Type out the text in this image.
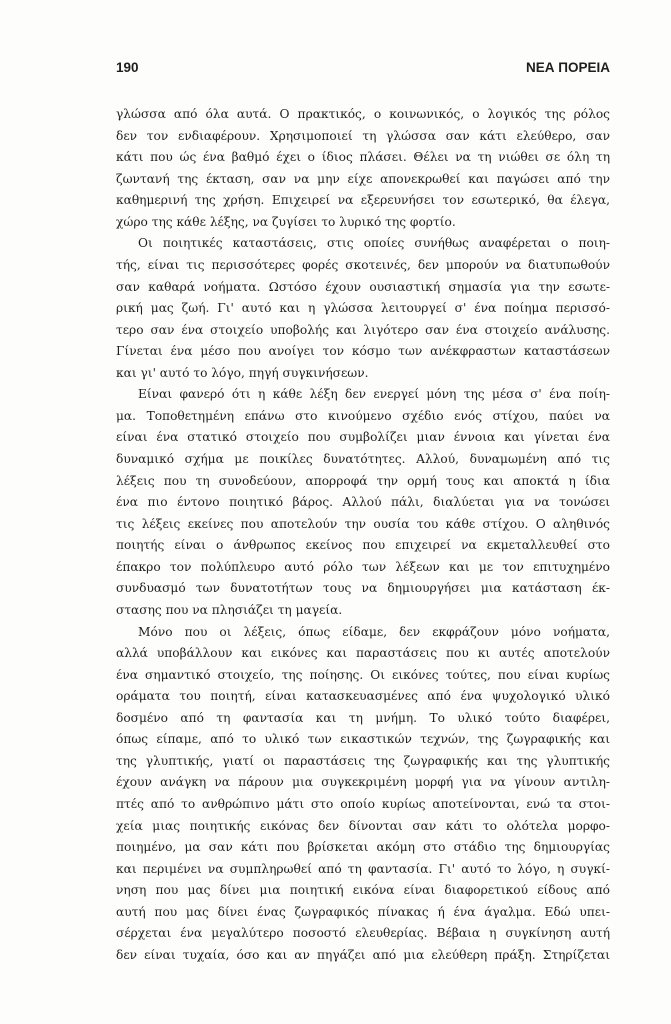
190	ΝΕΑ ΠΟΡΕΙΑ
γλώσσα από όλα αυτά. Ο πρακτικός, ο κοινωνικός, ο λογικός της ρόλος
δεν τον ενδιαφέρουν. Χρησιμοποιεί τη γλώσσα σαν κάτι ελεύθερο, σαν
κάτι που ώς ένα βαθμό έχει ο ίδιος πλάσει. Θέλει να τη νιώθει σε όλη τη
ζωντανή της έκταση, σαν να μην είχε απονεκρωθεί και παγώσει από την
καθημερινή της χρήση. Επιχειρεί να εξερευνήσει τον εσωτερικό, θα έλεγα,
χώρο της κάθε λέξης, να ζυγίσει το λυρικό της φορτίο.
Οι ποιητικές καταστάσεις, στις οποίες συνήθως αναφέρεται ο ποιη-
τής, είναι τις περισσότερες φορές σκοτεινές, δεν μπορούν να διατυπωθούν
σαν καθαρά νοήματα. Ωστόσο έχουν ουσιαστική σημασία για την εσωτε-
ρική μας ζωή. Γι' αυτό και η γλώσσα λειτουργεί σ' ένα ποίημα περισσό-
τερο σαν ένα στοιχείο υποβολής και λιγότερο σαν ένα στοιχείο ανάλυσης.
Γίνεται ένα μέσο που ανοίγει τον κόσμο των ανέκφραστων καταστάσεων
και γι' αυτό το λόγο, πηγή συγκινήσεων.
Είναι φανερό ότι η κάθε λέξη δεν ενεργεί μόνη της μέσα σ' ένα ποίη-
μα. Τοποθετημένη επάνω στο κινούμενο σχέδιο ενός στίχου, παύει να
είναι ένα στατικό στοιχείο που συμβολίζει μιαν έννοια και γίνεται ένα
δυναμικό σχήμα με ποικίλες δυνατότητες. Αλλού, δυναμωμένη από τις
λέξεις που τη συνοδεύουν, απορροφά την ορμή τους και αποκτά η ίδια
ένα πιο έντονο ποιητικό βάρος. Αλλού πάλι, διαλύεται για να τονώσει
τις λέξεις εκείνες που αποτελούν την ουσία του κάθε στίχου. Ο αληθινός
ποιητής είναι ο άνθρωπος εκείνος που επιχειρεί να εκμεταλλευθεί στο
έπακρο τον πολύπλευρο αυτό ρόλο των λέξεων και με τον επιτυχημένο
συνδυασμό των δυνατοτήτων τους να δημιουργήσει μια κατάσταση έκ-
στασης που να πλησιάζει τη μαγεία.
Μόνο που οι λέξεις, όπως είδαμε, δεν εκφράζουν μόνο νοήματα,
αλλά υποβάλλουν και εικόνες και παραστάσεις που κι αυτές αποτελούν
ένα σημαντικό στοιχείο, της ποίησης. Οι εικόνες τούτες, που είναι κυρίως
οράματα του ποιητή, είναι κατασκευασμένες από ένα ψυχολογικό υλικό
δοσμένο από τη φαντασία και τη μνήμη. Το υλικό τούτο διαφέρει,
όπως είπαμε, από το υλικό των εικαστικών τεχνών, της ζωγραφικής και
της γλυπτικής, γιατί οι παραστάσεις της ζωγραφικής και της γλυπτικής
έχουν ανάγκη να πάρουν μια συγκεκριμένη μορφή για να γίνουν αντιλη-
πτές από το ανθρώπινο μάτι στο οποίο κυρίως αποτείνονται, ενώ τα στοι-
χεία μιας ποιητικής εικόνας δεν δίνονται σαν κάτι το ολότελα μορφο-
ποιημένο, μα σαν κάτι που βρίσκεται ακόμη στο στάδιο της δημιουργίας
και περιμένει να συμπληρωθεί από τη φαντασία. Γι' αυτό το λόγο, η συγκί-
νηση που μας δίνει μια ποιητική εικόνα είναι διαφορετικού είδους από
αυτή που μας δίνει ένας ζωγραφικός πίνακας ή ένα άγαλμα. Εδώ υπει-
σέρχεται ένα μεγαλύτερο ποσοστό ελευθερίας. Βέβαια η συγκίνηση αυτή
δεν είναι τυχαία, όσο και αν πηγάζει από μια ελεύθερη πράξη. Στηρίζεται
